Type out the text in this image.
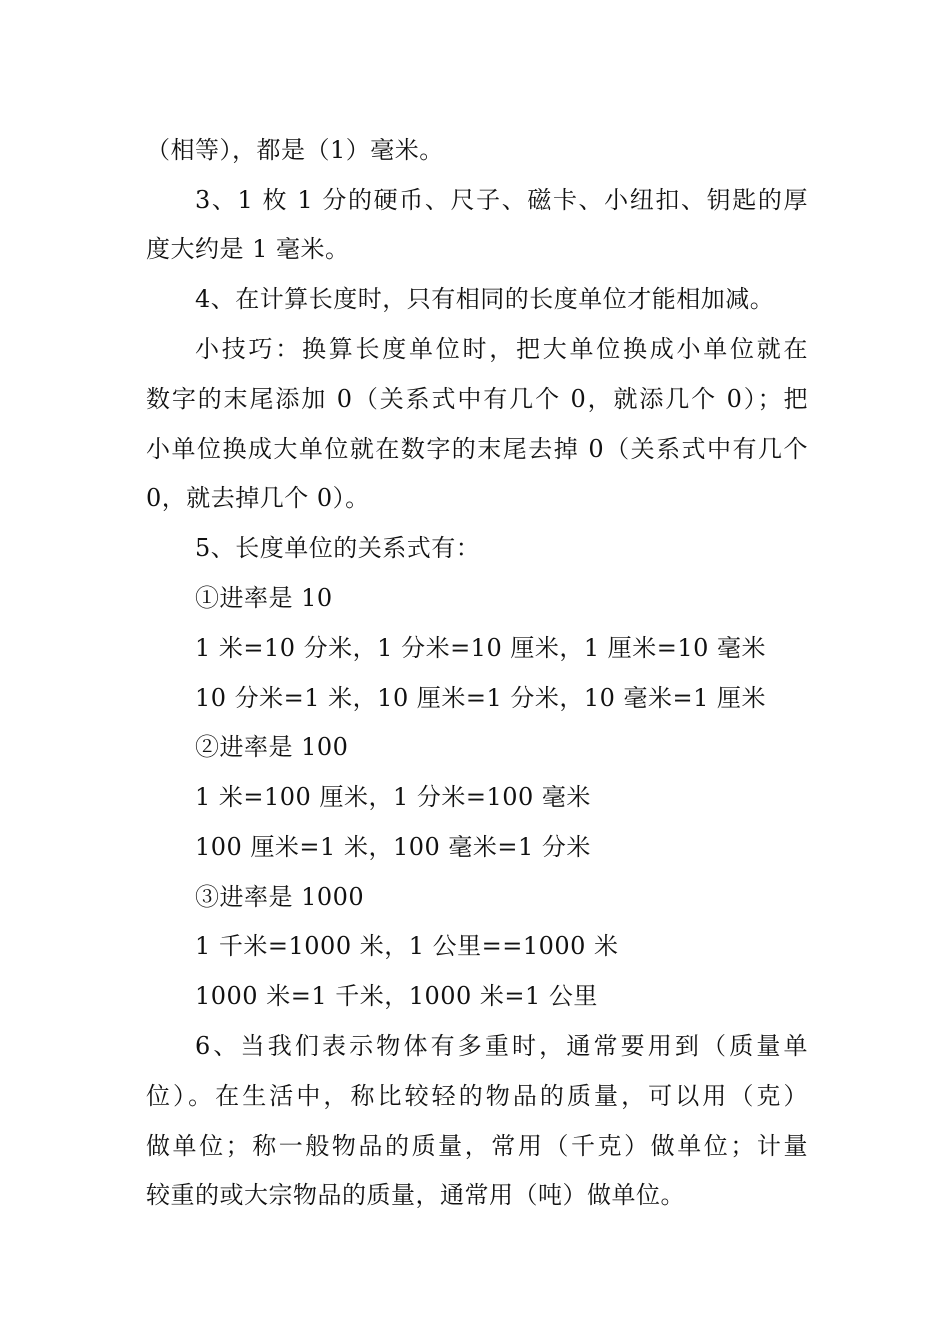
（相等），都是（1）毫米。
3、1 枚 1 分的硬币、尺子、磁卡、小纽扣、钥匙的厚
度大约是 1 毫米。
4、在计算长度时，只有相同的长度单位才能相加减。
小技巧：换算长度单位时，把大单位换成小单位就在
数字的末尾添加 0（关系式中有几个 0，就添几个 0）；把
小单位换成大单位就在数字的末尾去掉 0（关系式中有几个
0，就去掉几个 0）。
5、长度单位的关系式有：
①进率是 10
1 米=10 分米，1 分米=10 厘米，1 厘米=10 毫米
10 分米=1 米，10 厘米=1 分米，10 毫米=1 厘米
②进率是 100
1 米=100 厘米，1 分米=100 毫米
100 厘米=1 米，100 毫米=1 分米
③进率是 1000
1 千米=1000 米，1 公里==1000 米
1000 米=1 千米，1000 米=1 公里
6、当我们表示物体有多重时，通常要用到（质量单
位）。在生活中，称比较轻的物品的质量，可以用（克）
做单位；称一般物品的质量，常用（千克）做单位；计量
较重的或大宗物品的质量，通常用（吨）做单位。
